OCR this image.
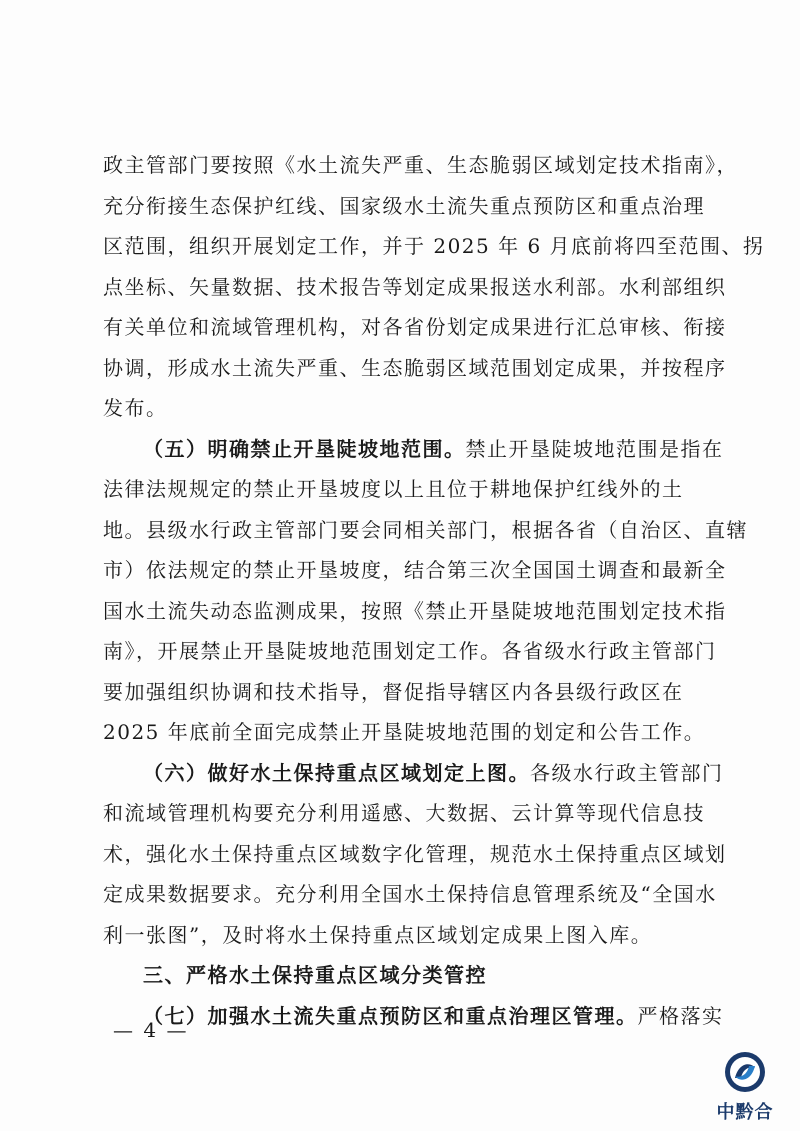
政主管部门要按照《水土流失严重、生态脆弱区域划定技术指南》，
充分衔接生态保护红线、国家级水土流失重点预防区和重点治理
区范围，组织开展划定工作，并于 2025 年 6 月底前将四至范围、拐
点坐标、矢量数据、技术报告等划定成果报送水利部。水利部组织
有关单位和流域管理机构，对各省份划定成果进行汇总审核、衔接
协调，形成水土流失严重、生态脆弱区域范围划定成果，并按程序
发布。
（五）明确禁止开垦陡坡地范围。禁止开垦陡坡地范围是指在
法律法规规定的禁止开垦坡度以上且位于耕地保护红线外的土
地。县级水行政主管部门要会同相关部门，根据各省（自治区、直辖
市）依法规定的禁止开垦坡度，结合第三次全国国土调查和最新全
国水土流失动态监测成果，按照《禁止开垦陡坡地范围划定技术指
南》，开展禁止开垦陡坡地范围划定工作。各省级水行政主管部门
要加强组织协调和技术指导，督促指导辖区内各县级行政区在
2025 年底前全面完成禁止开垦陡坡地范围的划定和公告工作。
（六）做好水土保持重点区域划定上图。各级水行政主管部门
和流域管理机构要充分利用遥感、大数据、云计算等现代信息技
术，强化水土保持重点区域数字化管理，规范水土保持重点区域划
定成果数据要求。充分利用全国水土保持信息管理系统及“全国水
利一张图”，及时将水土保持重点区域划定成果上图入库。
三、严格水土保持重点区域分类管控
（七）加强水土流失重点预防区和重点治理区管理。严格落实
— 4 —
中黔合
